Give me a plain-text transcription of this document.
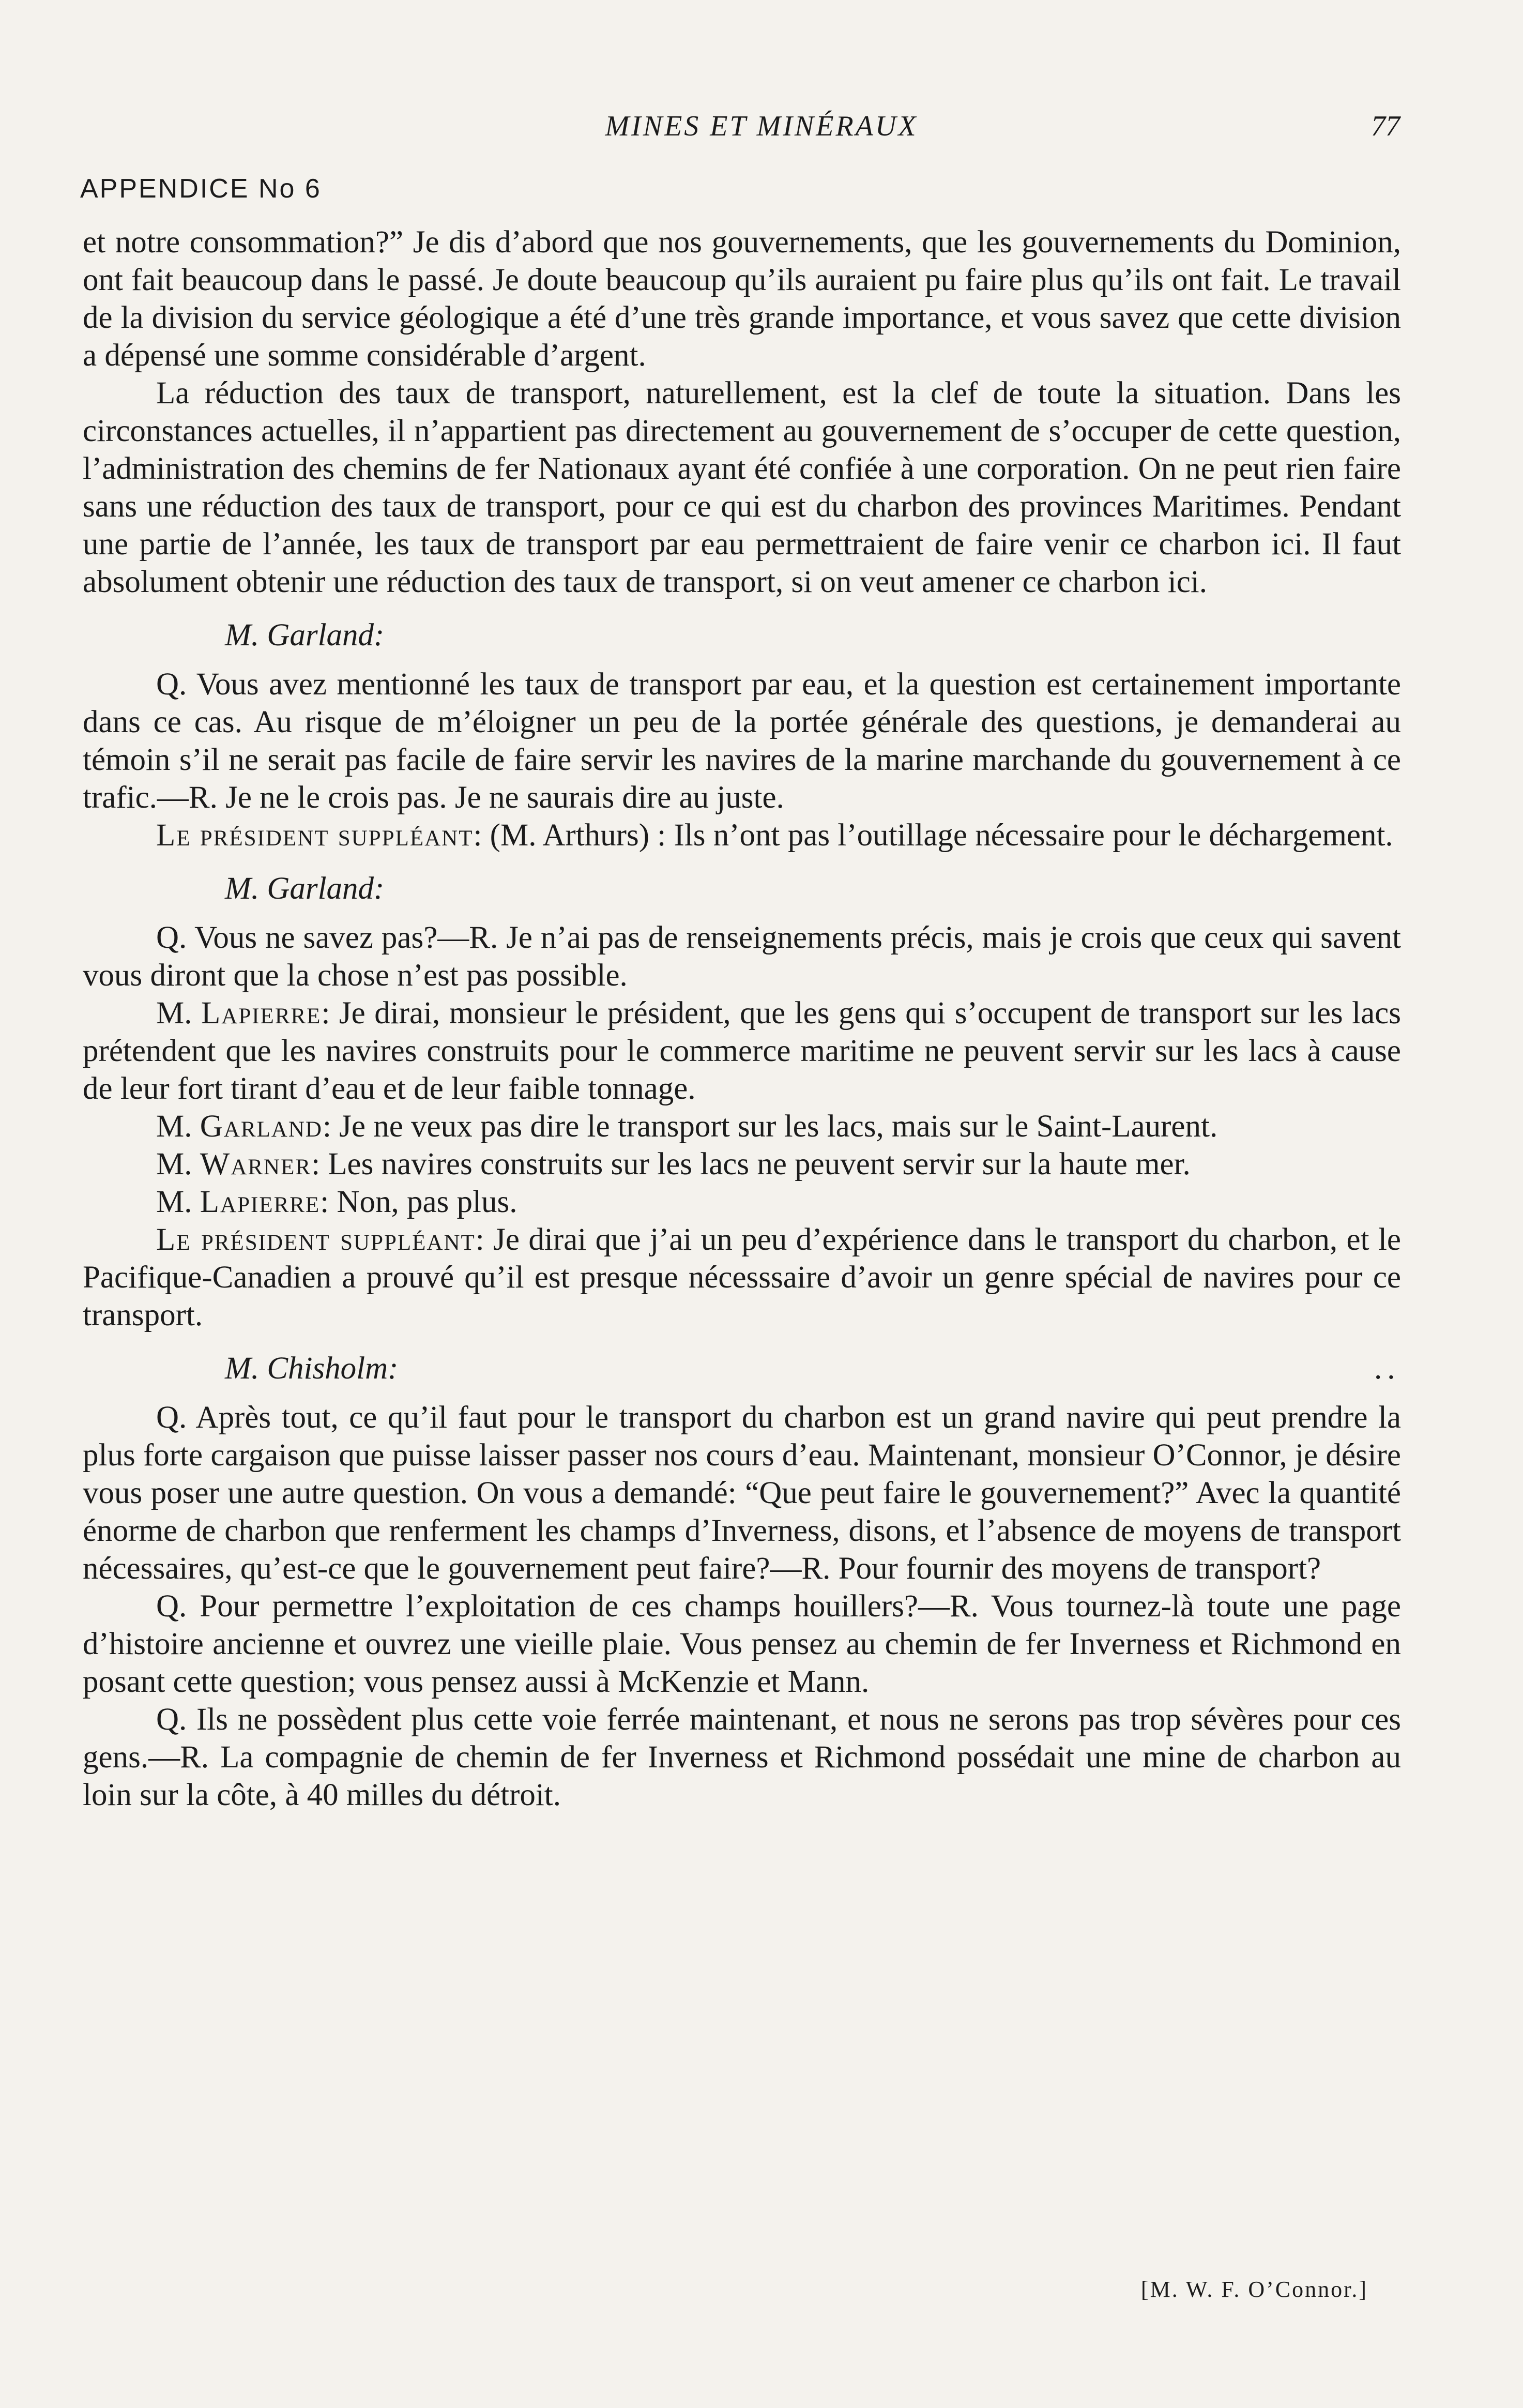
MINES ET MINÉRAUX	77
APPENDICE No 6

et notre consommation?” Je dis d’abord que nos gouvernements, que les gouvernements du Dominion, ont fait beaucoup dans le passé. Je doute beaucoup qu’ils auraient pu faire plus qu’ils ont fait. Le travail de la division du service géologique a été d’une très grande importance, et vous savez que cette division a dépensé une somme considérable d’argent.

La réduction des taux de transport, naturellement, est la clef de toute la situation. Dans les circonstances actuelles, il n’appartient pas directement au gouvernement de s’occuper de cette question, l’administration des chemins de fer Nationaux ayant été confiée à une corporation. On ne peut rien faire sans une réduction des taux de transport, pour ce qui est du charbon des provinces Maritimes. Pendant une partie de l’année, les taux de transport par eau permettraient de faire venir ce charbon ici. Il faut absolument obtenir une réduction des taux de transport, si on veut amener ce charbon ici.

M. Garland:

Q. Vous avez mentionné les taux de transport par eau, et la question est certainement importante dans ce cas. Au risque de m’éloigner un peu de la portée générale des questions, je demanderai au témoin s’il ne serait pas facile de faire servir les navires de la marine marchande du gouvernement à ce trafic.—R. Je ne le crois pas. Je ne saurais dire au juste.

Le président suppléant: (M. Arthurs) : Ils n’ont pas l’outillage nécessaire pour le déchargement.

M. Garland:

Q. Vous ne savez pas?—R. Je n’ai pas de renseignements précis, mais je crois que ceux qui savent vous diront que la chose n’est pas possible.

M. Lapierre: Je dirai, monsieur le président, que les gens qui s’occupent de transport sur les lacs prétendent que les navires construits pour le commerce maritime ne peuvent servir sur les lacs à cause de leur fort tirant d’eau et de leur faible tonnage.

M. Garland: Je ne veux pas dire le transport sur les lacs, mais sur le Saint-Laurent.

M. Warner: Les navires construits sur les lacs ne peuvent servir sur la haute mer.

M. Lapierre: Non, pas plus.

Le président suppléant: Je dirai que j’ai un peu d’expérience dans le transport du charbon, et le Pacifique-Canadien a prouvé qu’il est presque nécesssaire d’avoir un genre spécial de navires pour ce transport.

M. Chisholm:	..

Q. Après tout, ce qu’il faut pour le transport du charbon est un grand navire qui peut prendre la plus forte cargaison que puisse laisser passer nos cours d’eau. Maintenant, monsieur O’Connor, je désire vous poser une autre question. On vous a demandé: “Que peut faire le gouvernement?” Avec la quantité énorme de charbon que renferment les champs d’Inverness, disons, et l’absence de moyens de transport nécessaires, qu’est-ce que le gouvernement peut faire?—R. Pour fournir des moyens de transport?

Q. Pour permettre l’exploitation de ces champs houillers?—R. Vous tournez-là toute une page d’histoire ancienne et ouvrez une vieille plaie. Vous pensez au chemin de fer Inverness et Richmond en posant cette question; vous pensez aussi à McKenzie et Mann.

Q. Ils ne possèdent plus cette voie ferrée maintenant, et nous ne serons pas trop sévères pour ces gens.—R. La compagnie de chemin de fer Inverness et Richmond possédait une mine de charbon au loin sur la côte, à 40 milles du détroit.

[M. W. F. O’Connor.]
